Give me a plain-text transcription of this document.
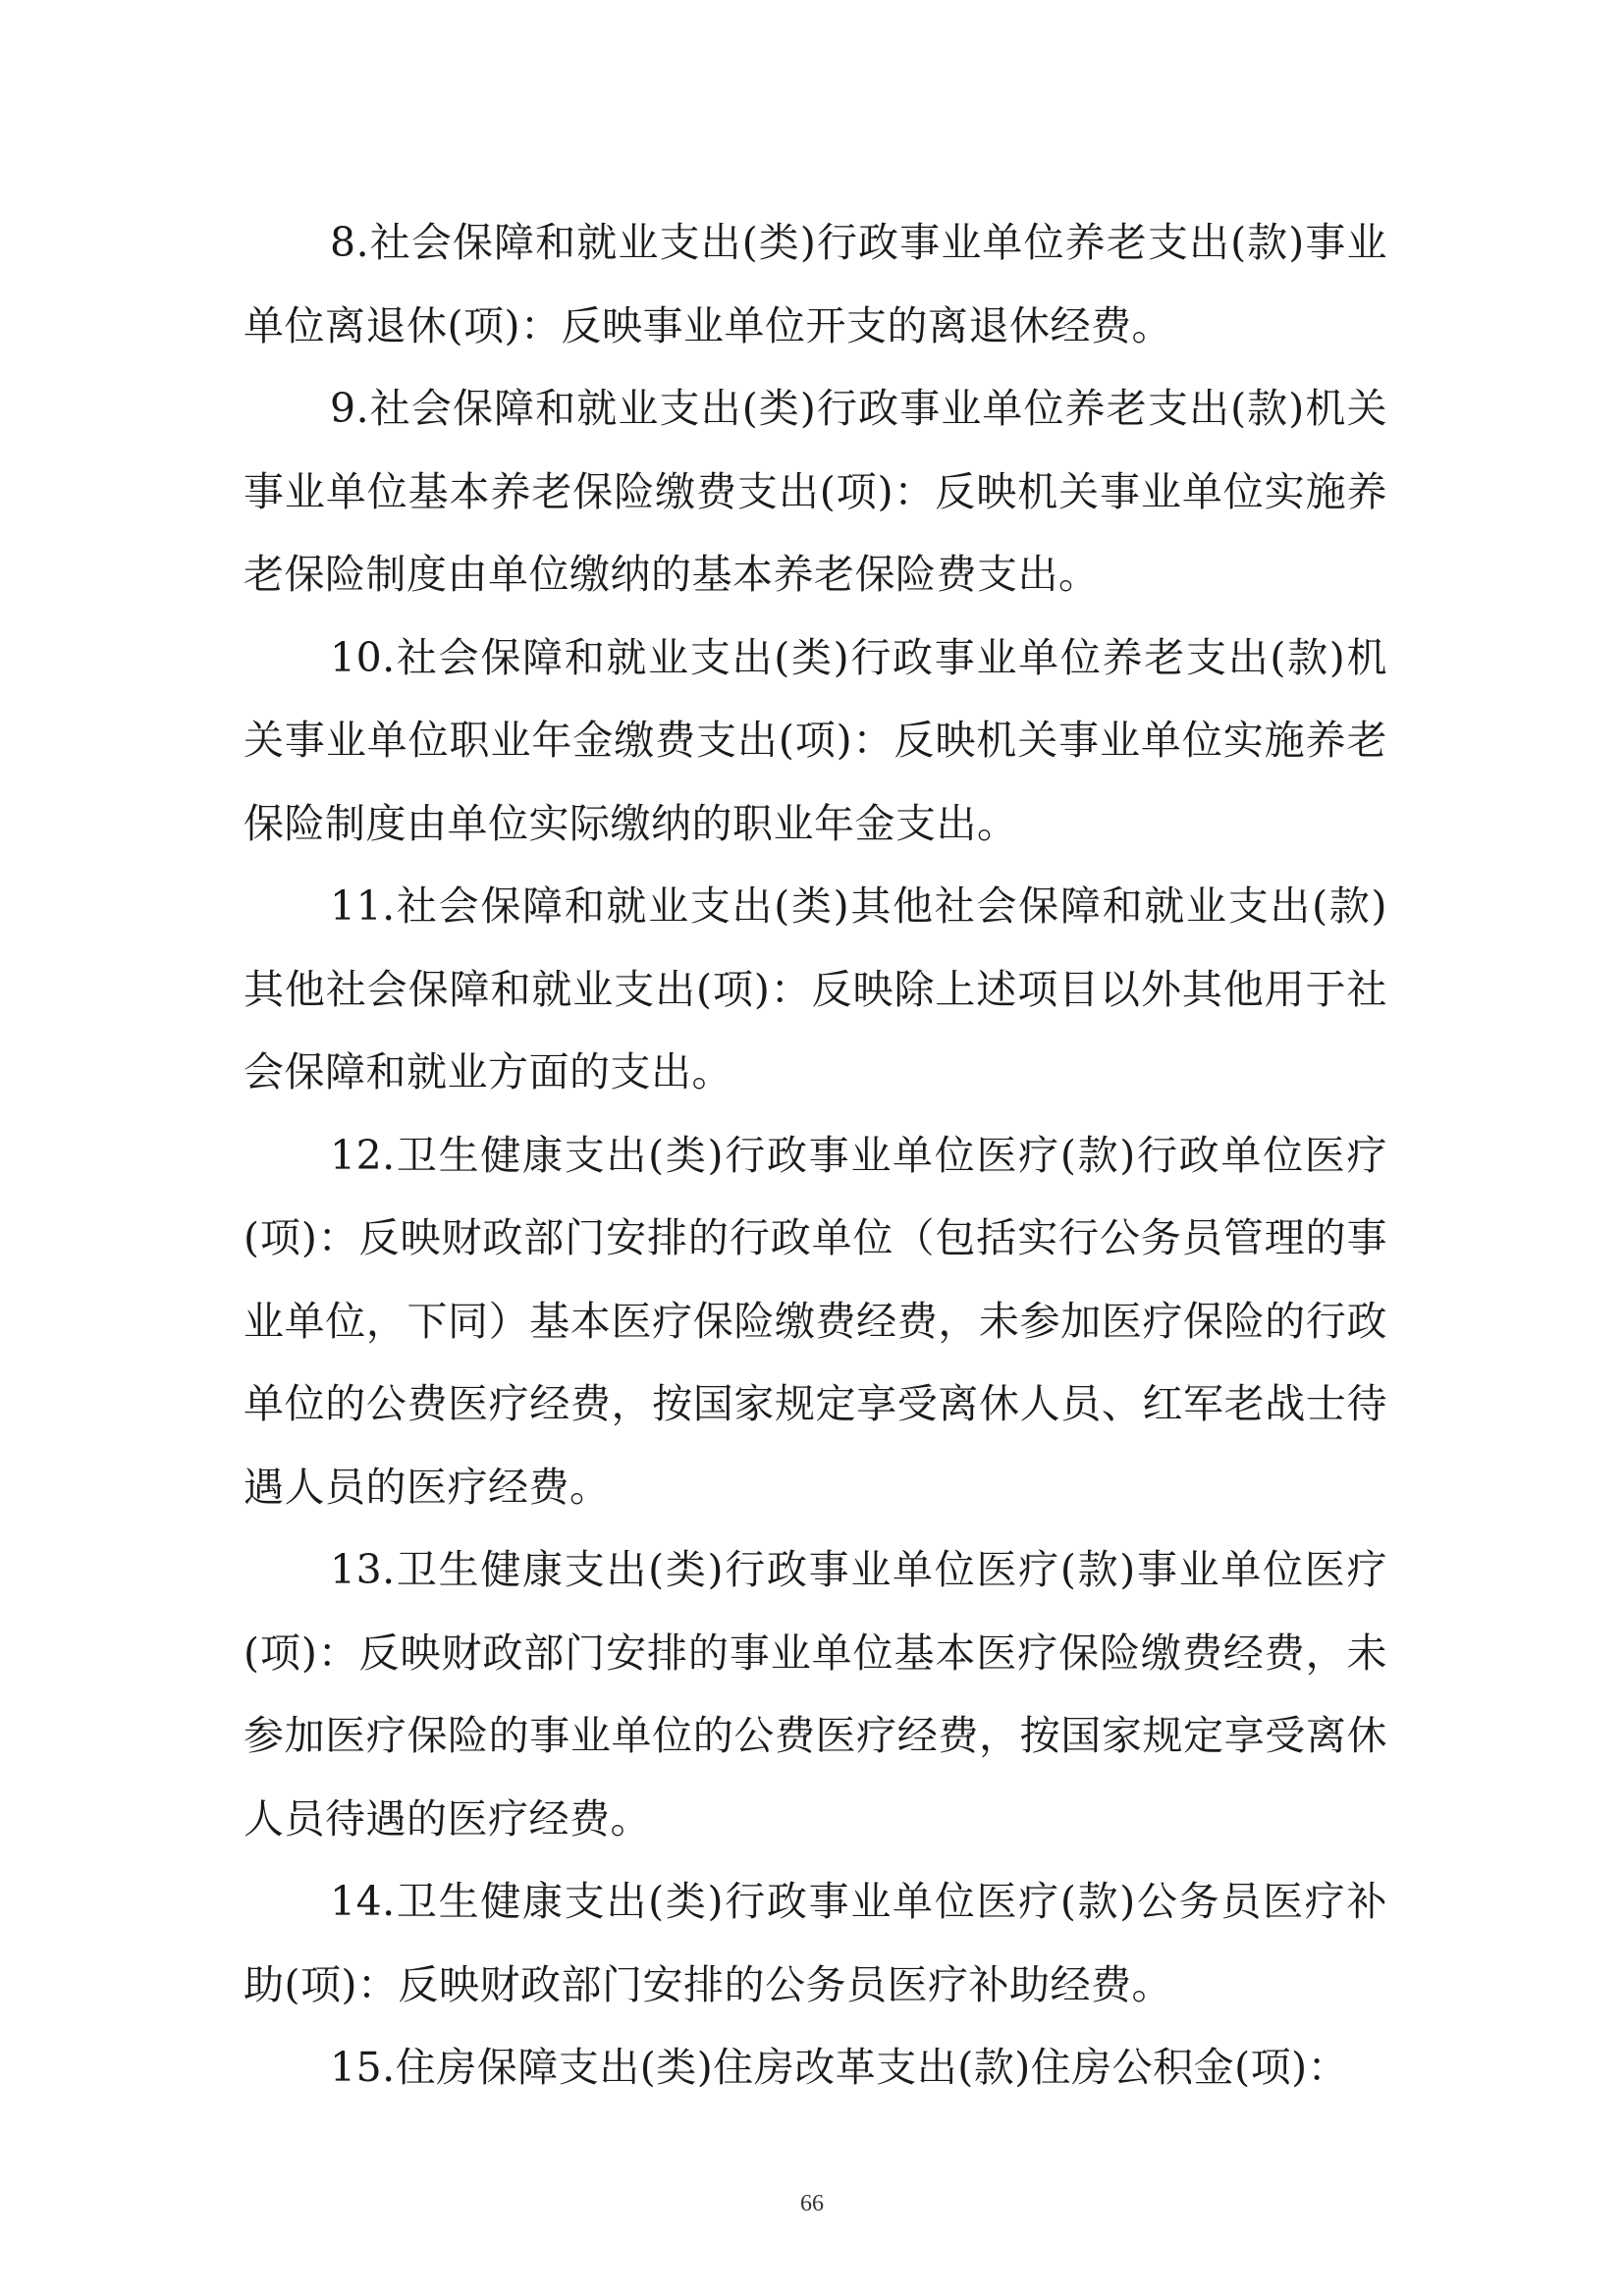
8.社会保障和就业支出(类)行政事业单位养老支出(款)事业单位离退休(项)：反映事业单位开支的离退休经费。

9.社会保障和就业支出(类)行政事业单位养老支出(款)机关事业单位基本养老保险缴费支出(项)：反映机关事业单位实施养老保险制度由单位缴纳的基本养老保险费支出。

10.社会保障和就业支出(类)行政事业单位养老支出(款)机关事业单位职业年金缴费支出(项)：反映机关事业单位实施养老保险制度由单位实际缴纳的职业年金支出。

11.社会保障和就业支出(类)其他社会保障和就业支出(款)其他社会保障和就业支出(项)：反映除上述项目以外其他用于社会保障和就业方面的支出。

12.卫生健康支出(类)行政事业单位医疗(款)行政单位医疗(项)：反映财政部门安排的行政单位（包括实行公务员管理的事业单位，下同）基本医疗保险缴费经费，未参加医疗保险的行政单位的公费医疗经费，按国家规定享受离休人员、红军老战士待遇人员的医疗经费。

13.卫生健康支出(类)行政事业单位医疗(款)事业单位医疗(项)：反映财政部门安排的事业单位基本医疗保险缴费经费，未参加医疗保险的事业单位的公费医疗经费，按国家规定享受离休人员待遇的医疗经费。

14.卫生健康支出(类)行政事业单位医疗(款)公务员医疗补助(项)：反映财政部门安排的公务员医疗补助经费。

15.住房保障支出(类)住房改革支出(款)住房公积金(项)：

66
